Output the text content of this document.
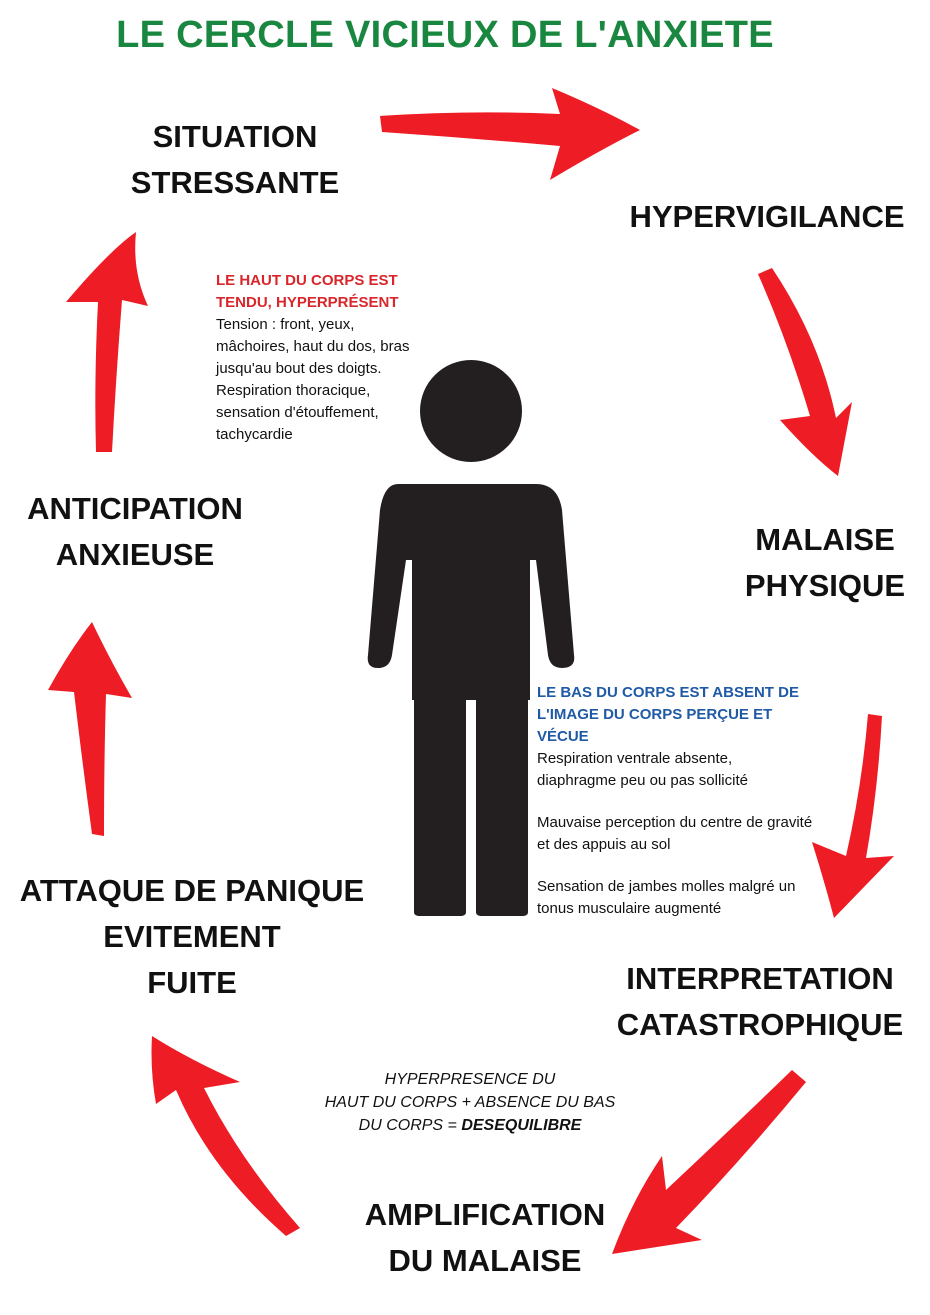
LE CERCLE VICIEUX DE L'ANXIETE
SITUATION
STRESSANTE
HYPERVIGILANCE
MALAISE
PHYSIQUE
INTERPRETATION
CATASTROPHIQUE
AMPLIFICATION
DU MALAISE
ATTAQUE DE PANIQUE
EVITEMENT
FUITE
ANTICIPATION
ANXIEUSE
LE HAUT DU CORPS EST
TENDU, HYPERPRÉSENT
Tension : front, yeux,
mâchoires, haut du dos, bras
jusqu'au bout des doigts.
Respiration thoracique,
sensation d'étouffement,
tachycardie
LE BAS DU CORPS EST ABSENT DE
L'IMAGE DU CORPS PERÇUE ET
VÉCUE
Respiration ventrale absente,
diaphragme peu ou pas sollicité
Mauvaise perception du centre de gravité
et des appuis au sol
Sensation de jambes molles malgré un
tonus musculaire augmenté
HYPERPRESENCE DU
HAUT DU CORPS + ABSENCE DU BAS
DU CORPS = DESEQUILIBRE
